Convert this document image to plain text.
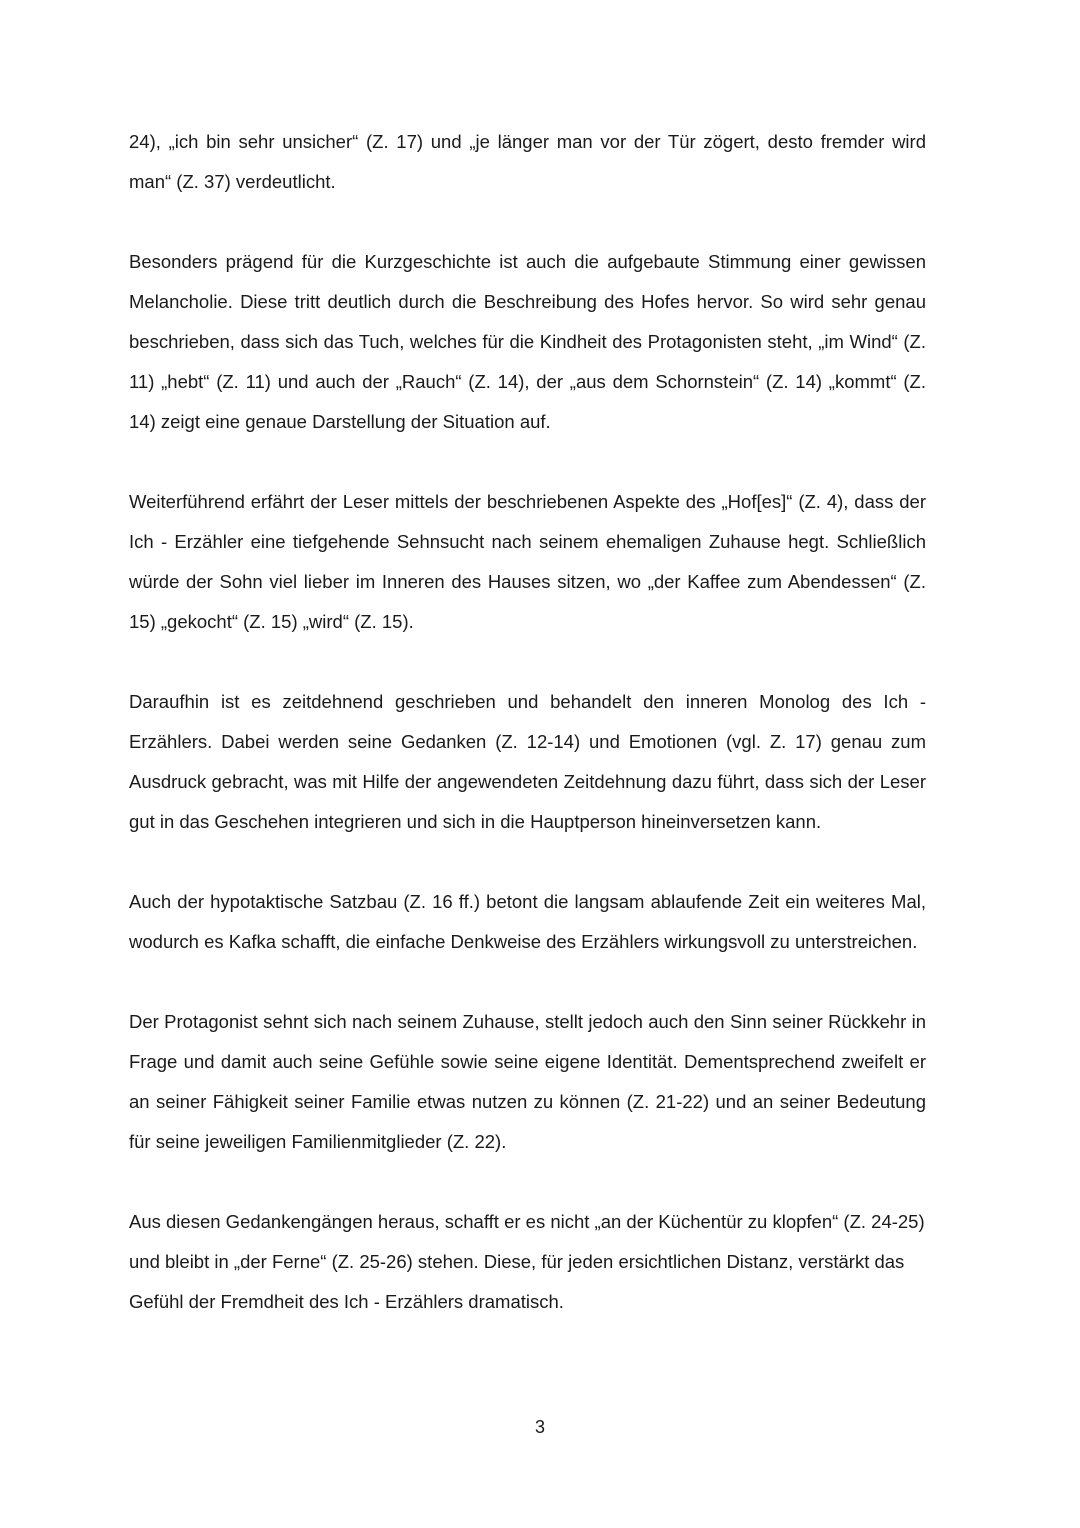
24), „ich bin sehr unsicher“ (Z. 17) und „je länger man vor der Tür zögert, desto fremder wird man“ (Z. 37) verdeutlicht.

Besonders prägend für die Kurzgeschichte ist auch die aufgebaute Stimmung einer gewissen Melancholie. Diese tritt deutlich durch die Beschreibung des Hofes hervor. So wird sehr genau beschrieben, dass sich das Tuch, welches für die Kindheit des Protagonisten steht, „im Wind“ (Z. 11) „hebt“ (Z. 11) und auch der „Rauch“ (Z. 14), der „aus dem Schornstein“ (Z. 14) „kommt“ (Z. 14) zeigt eine genaue Darstellung der Situation auf.

Weiterführend erfährt der Leser mittels der beschriebenen Aspekte des „Hof[es]“ (Z. 4), dass der Ich - Erzähler eine tiefgehende Sehnsucht nach seinem ehemaligen Zuhause hegt. Schließlich würde der Sohn viel lieber im Inneren des Hauses sitzen, wo „der Kaffee zum Abendessen“ (Z. 15) „gekocht“ (Z. 15) „wird“ (Z. 15).

Daraufhin ist es zeitdehnend geschrieben und behandelt den inneren Monolog des Ich - Erzählers. Dabei werden seine Gedanken (Z. 12-14) und Emotionen (vgl. Z. 17) genau zum Ausdruck gebracht, was mit Hilfe der angewendeten Zeitdehnung dazu führt, dass sich der Leser gut in das Geschehen integrieren und sich in die Hauptperson hineinversetzen kann.

Auch der hypotaktische Satzbau (Z. 16 ff.) betont die langsam ablaufende Zeit ein weiteres Mal, wodurch es Kafka schafft, die einfache Denkweise des Erzählers wirkungsvoll zu unterstreichen.

Der Protagonist sehnt sich nach seinem Zuhause, stellt jedoch auch den Sinn seiner Rückkehr in Frage und damit auch seine Gefühle sowie seine eigene Identität. Dementsprechend zweifelt er an seiner Fähigkeit seiner Familie etwas nutzen zu können (Z. 21-22) und an seiner Bedeutung für seine jeweiligen Familienmitglieder (Z. 22).

Aus diesen Gedankengängen heraus, schafft er es nicht „an der Küchentür zu klopfen“ (Z. 24-25) und bleibt in „der Ferne“ (Z. 25-26) stehen. Diese, für jeden ersichtlichen Distanz, verstärkt das Gefühl der Fremdheit des Ich - Erzählers dramatisch.

3
